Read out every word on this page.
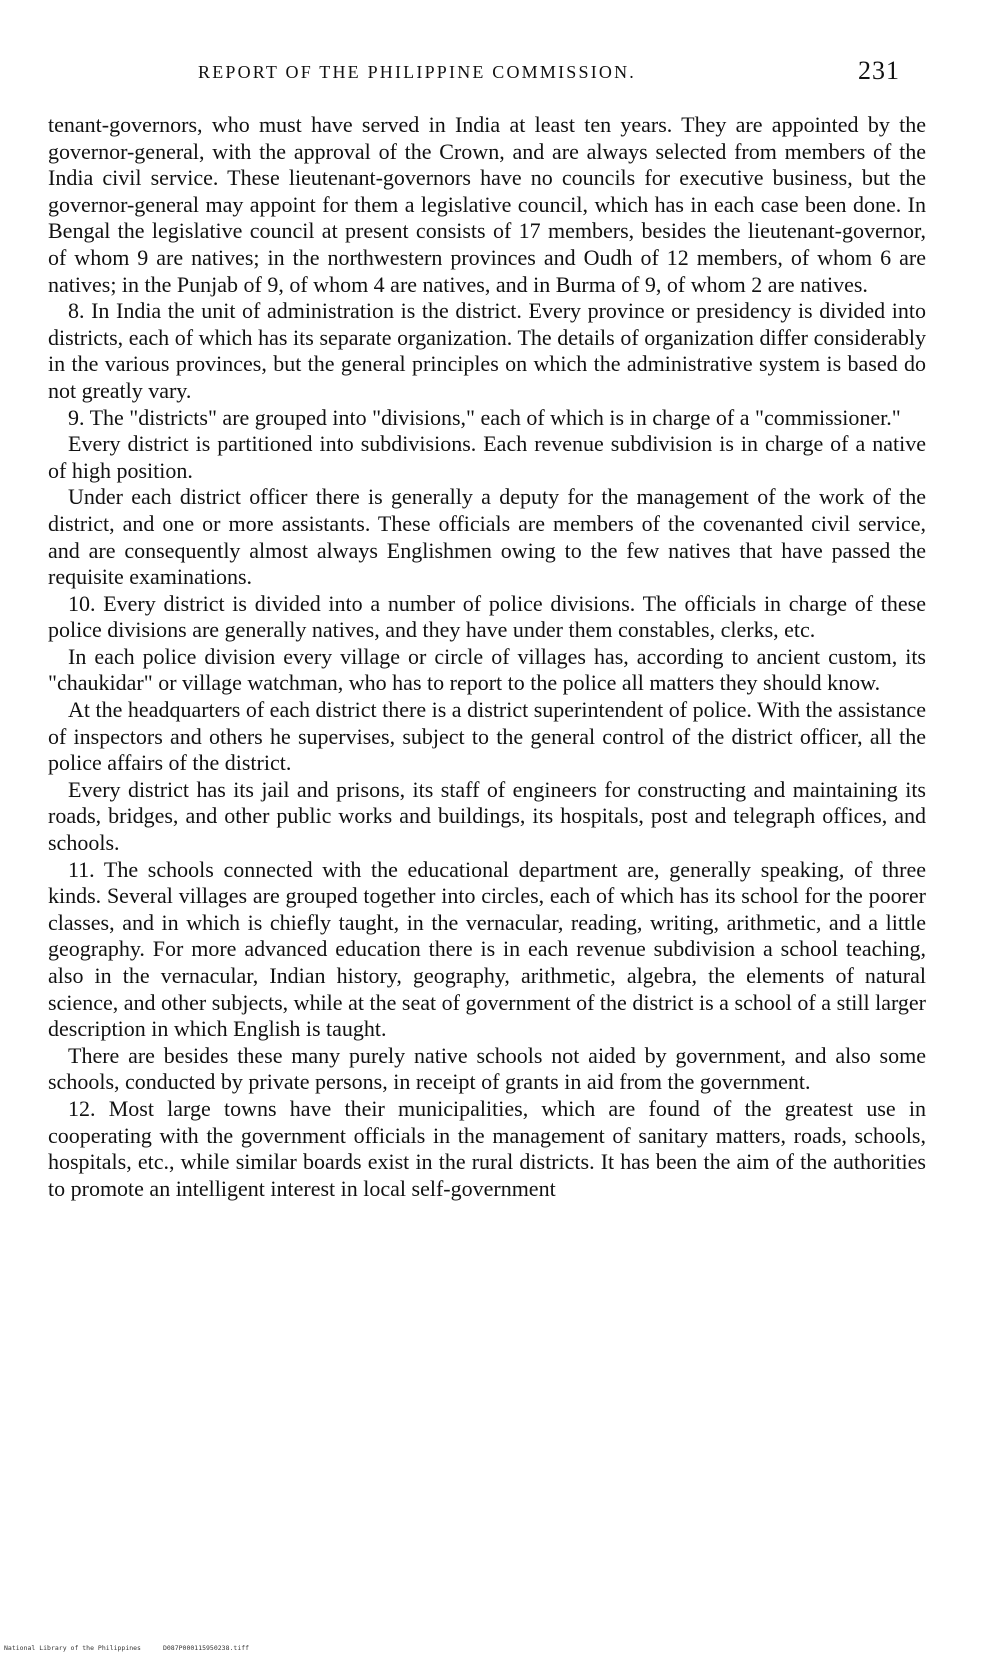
REPORT OF THE PHILIPPINE COMMISSION.	231

tenant-governors, who must have served in India at least ten years. They are appointed by the governor-general, with the approval of the Crown, and are always selected from members of the India civil service. These lieutenant-governors have no councils for executive business, but the governor-general may appoint for them a legislative council, which has in each case been done. In Bengal the legislative council at present consists of 17 members, besides the lieutenant-governor, of whom 9 are natives; in the northwestern provinces and Oudh of 12 members, of whom 6 are natives; in the Punjab of 9, of whom 4 are natives, and in Burma of 9, of whom 2 are natives.

8. In India the unit of administration is the district. Every province or presidency is divided into districts, each of which has its separate organization. The details of organization differ considerably in the various provinces, but the general principles on which the administrative system is based do not greatly vary.

9. The "districts" are grouped into "divisions," each of which is in charge of a "commissioner."

Every district is partitioned into subdivisions. Each revenue subdivision is in charge of a native of high position.

Under each district officer there is generally a deputy for the management of the work of the district, and one or more assistants. These officials are members of the covenanted civil service, and are consequently almost always Englishmen owing to the few natives that have passed the requisite examinations.

10. Every district is divided into a number of police divisions. The officials in charge of these police divisions are generally natives, and they have under them constables, clerks, etc.

In each police division every village or circle of villages has, according to ancient custom, its "chaukidar" or village watchman, who has to report to the police all matters they should know.

At the headquarters of each district there is a district superintendent of police. With the assistance of inspectors and others he supervises, subject to the general control of the district officer, all the police affairs of the district.

Every district has its jail and prisons, its staff of engineers for constructing and maintaining its roads, bridges, and other public works and buildings, its hospitals, post and telegraph offices, and schools.

11. The schools connected with the educational department are, generally speaking, of three kinds. Several villages are grouped together into circles, each of which has its school for the poorer classes, and in which is chiefly taught, in the vernacular, reading, writing, arithmetic, and a little geography. For more advanced education there is in each revenue subdivision a school teaching, also in the vernacular, Indian history, geography, arithmetic, algebra, the elements of natural science, and other subjects, while at the seat of government of the district is a school of a still larger description in which English is taught.

There are besides these many purely native schools not aided by government, and also some schools, conducted by private persons, in receipt of grants in aid from the government.

12. Most large towns have their municipalities, which are found of the greatest use in cooperating with the government officials in the management of sanitary matters, roads, schools, hospitals, etc., while similar boards exist in the rural districts. It has been the aim of the authorities to promote an intelligent interest in local self-government

National Library of the Philippines	D087P000115950238.tiff
